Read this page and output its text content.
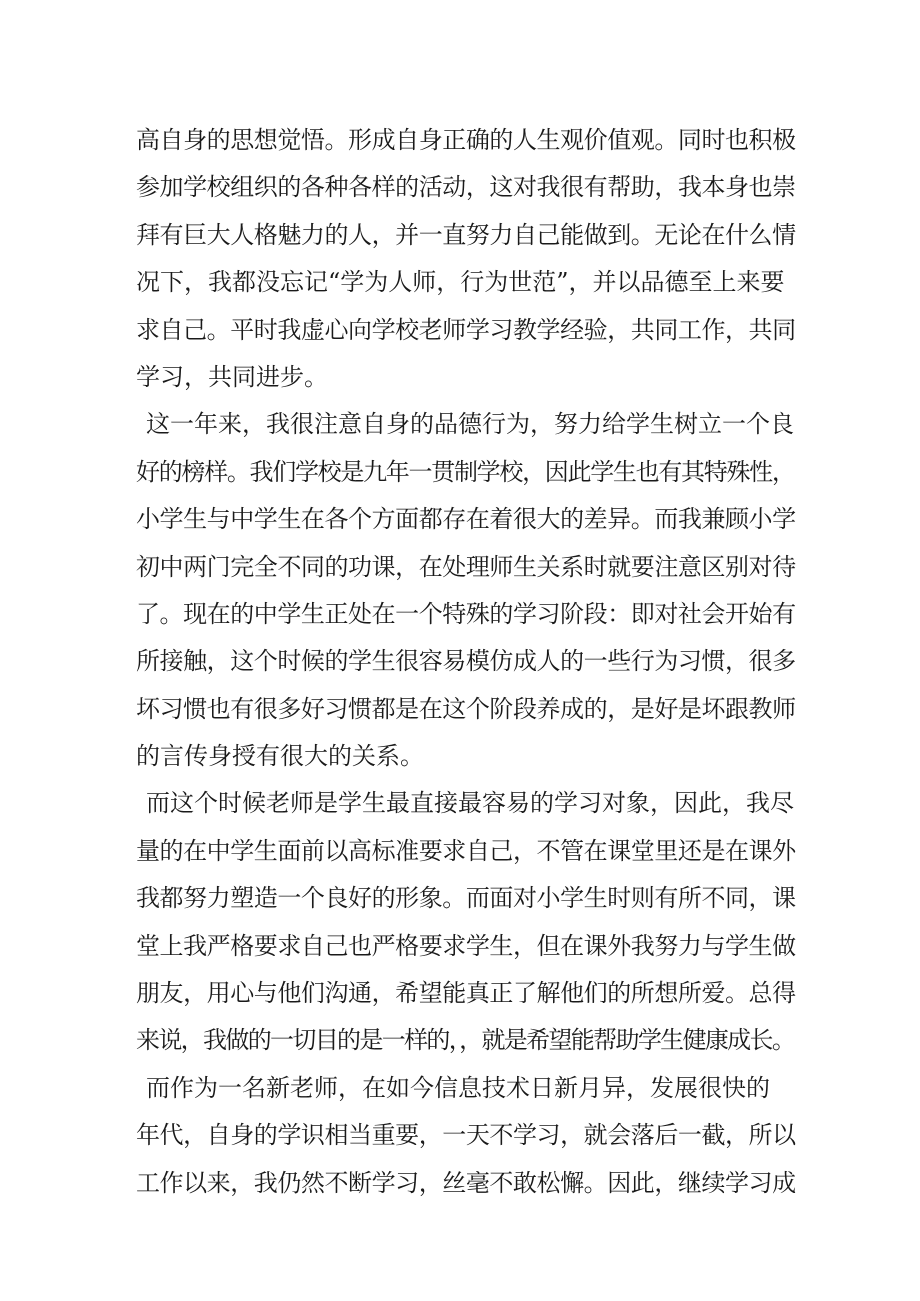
高自身的思想觉悟。形成自身正确的人生观价值观。同时也积极
参加学校组织的各种各样的活动，这对我很有帮助，我本身也崇
拜有巨大人格魅力的人，并一直努力自己能做到。无论在什么情
况下，我都没忘记“学为人师，行为世范”，并以品德至上来要
求自己。平时我虚心向学校老师学习教学经验，共同工作，共同
学习，共同进步。
这一年来，我很注意自身的品德行为，努力给学生树立一个良
好的榜样。我们学校是九年一贯制学校，因此学生也有其特殊性，
小学生与中学生在各个方面都存在着很大的差异。而我兼顾小学
初中两门完全不同的功课，在处理师生关系时就要注意区别对待
了。现在的中学生正处在一个特殊的学习阶段：即对社会开始有
所接触，这个时候的学生很容易模仿成人的一些行为习惯，很多
坏习惯也有很多好习惯都是在这个阶段养成的，是好是坏跟教师
的言传身授有很大的关系。
而这个时候老师是学生最直接最容易的学习对象，因此，我尽
量的在中学生面前以高标准要求自己，不管在课堂里还是在课外
我都努力塑造一个良好的形象。而面对小学生时则有所不同，课
堂上我严格要求自己也严格要求学生，但在课外我努力与学生做
朋友，用心与他们沟通，希望能真正了解他们的所想所爱。总得
来说，我做的一切目的是一样的，，就是希望能帮助学生健康成长。
而作为一名新老师，在如今信息技术日新月异，发展很快的
年代，自身的学识相当重要，一天不学习，就会落后一截，所以
工作以来，我仍然不断学习，丝毫不敢松懈。因此，继续学习成
